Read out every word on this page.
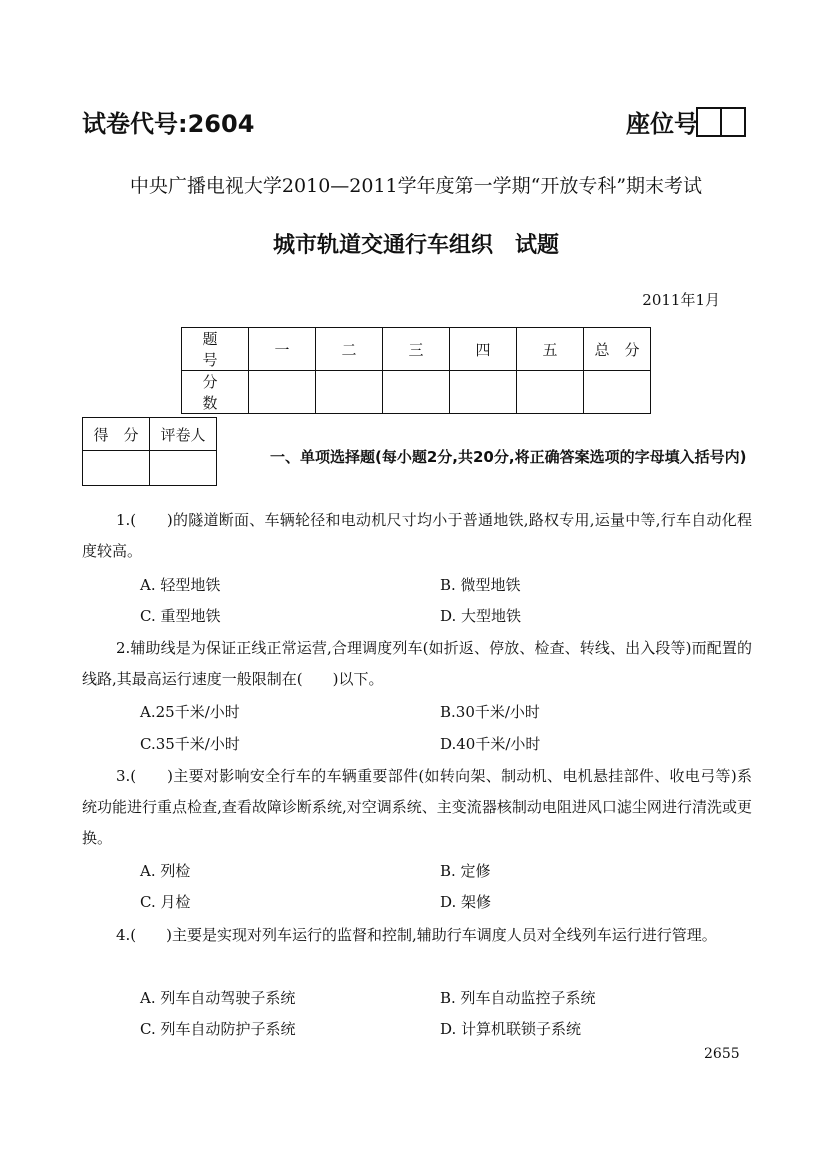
试卷代号:2604	座位号
中央广播电视大学2010—2011学年度第一学期“开放专科”期末考试
城市轨道交通行车组织　试题
2011年1月
题　号	一	二	三	四	五	总　分
分　数						
得　分	评卷人

一、单项选择题(每小题2分,共20分,将正确答案选项的字母填入括号内)
1.(　　)的隧道断面、车辆轮径和电动机尺寸均小于普通地铁,路权专用,运量中等,行车自动化程度较高。
A. 轻型地铁	B. 微型地铁
C. 重型地铁	D. 大型地铁
2.辅助线是为保证正线正常运营,合理调度列车(如折返、停放、检查、转线、出入段等)而配置的线路,其最高运行速度一般限制在(　　)以下。
A.25千米/小时	B.30千米/小时
C.35千米/小时	D.40千米/小时
3.(　　)主要对影响安全行车的车辆重要部件(如转向架、制动机、电机悬挂部件、收电弓等)系统功能进行重点检查,查看故障诊断系统,对空调系统、主变流器核制动电阻进风口滤尘网进行清洗或更换。
A. 列检	B. 定修
C. 月检	D. 架修
4.(　　)主要是实现对列车运行的监督和控制,辅助行车调度人员对全线列车运行进行管理。
A. 列车自动驾驶子系统	B. 列车自动监控子系统
C. 列车自动防护子系统	D. 计算机联锁子系统
2655
